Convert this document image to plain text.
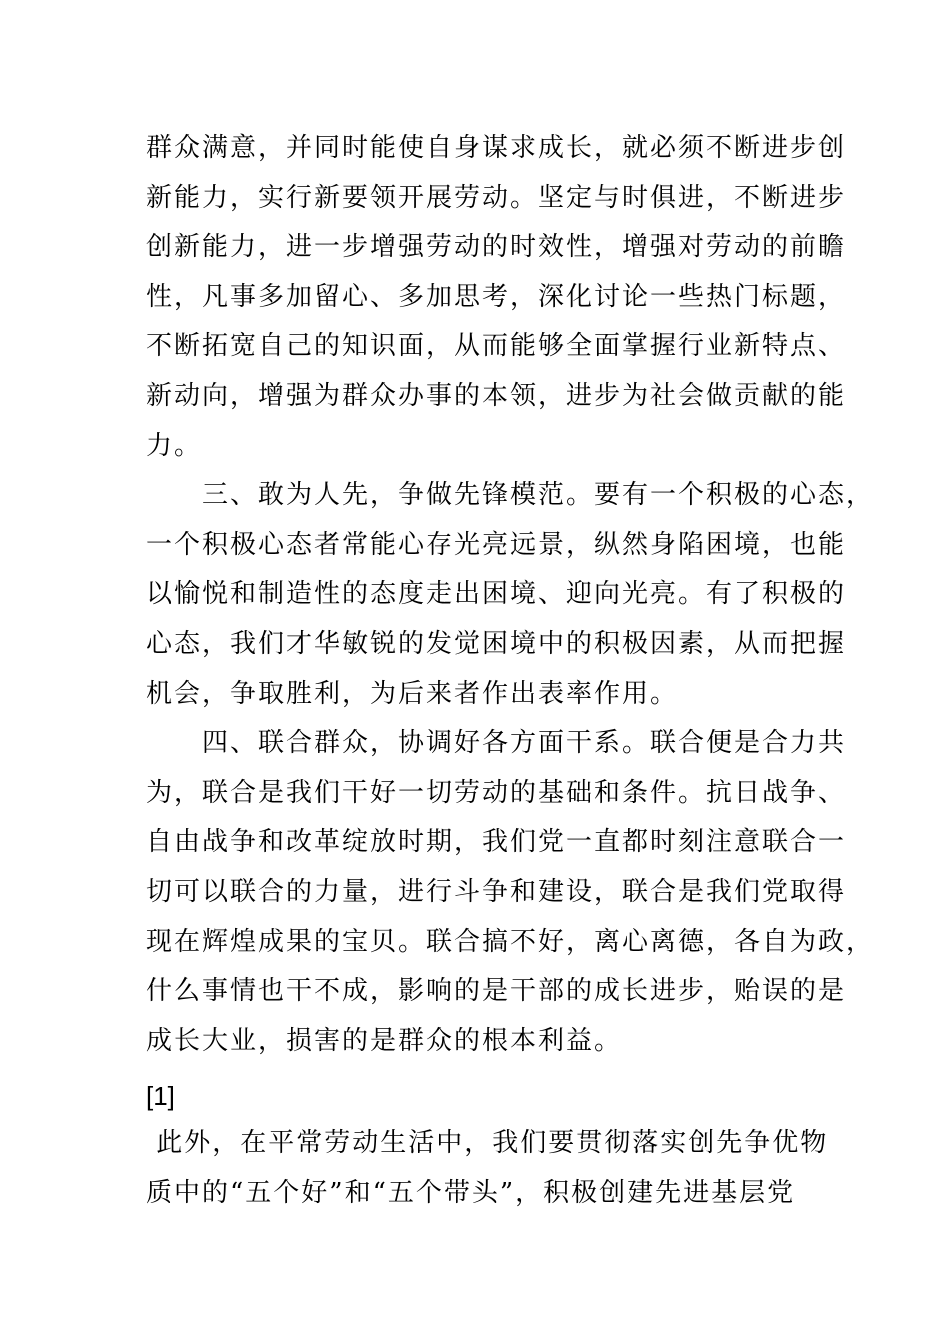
群众满意，并同时能使自身谋求成长，就必须不断进步创
新能力，实行新要领开展劳动。坚定与时俱进，不断进步
创新能力，进一步增强劳动的时效性，增强对劳动的前瞻
性，凡事多加留心、多加思考，深化讨论一些热门标题，
不断拓宽自己的知识面，从而能够全面掌握行业新特点、
新动向，增强为群众办事的本领，进步为社会做贡献的能
力。
　　三、敢为人先，争做先锋模范。要有一个积极的心态，
一个积极心态者常能心存光亮远景，纵然身陷困境，也能
以愉悦和制造性的态度走出困境、迎向光亮。有了积极的
心态，我们才华敏锐的发觉困境中的积极因素，从而把握
机会，争取胜利，为后来者作出表率作用。
　　四、联合群众，协调好各方面干系。联合便是合力共
为，联合是我们干好一切劳动的基础和条件。抗日战争、
自由战争和改革绽放时期，我们党一直都时刻注意联合一
切可以联合的力量，进行斗争和建设，联合是我们党取得
现在辉煌成果的宝贝。联合搞不好，离心离德，各自为政，
什么事情也干不成，影响的是干部的成长进步，贻误的是
成长大业，损害的是群众的根本利益。
[1]
此外，在平常劳动生活中，我们要贯彻落实创先争优物
质中的“五个好”和“五个带头”，积极创建先进基层党
